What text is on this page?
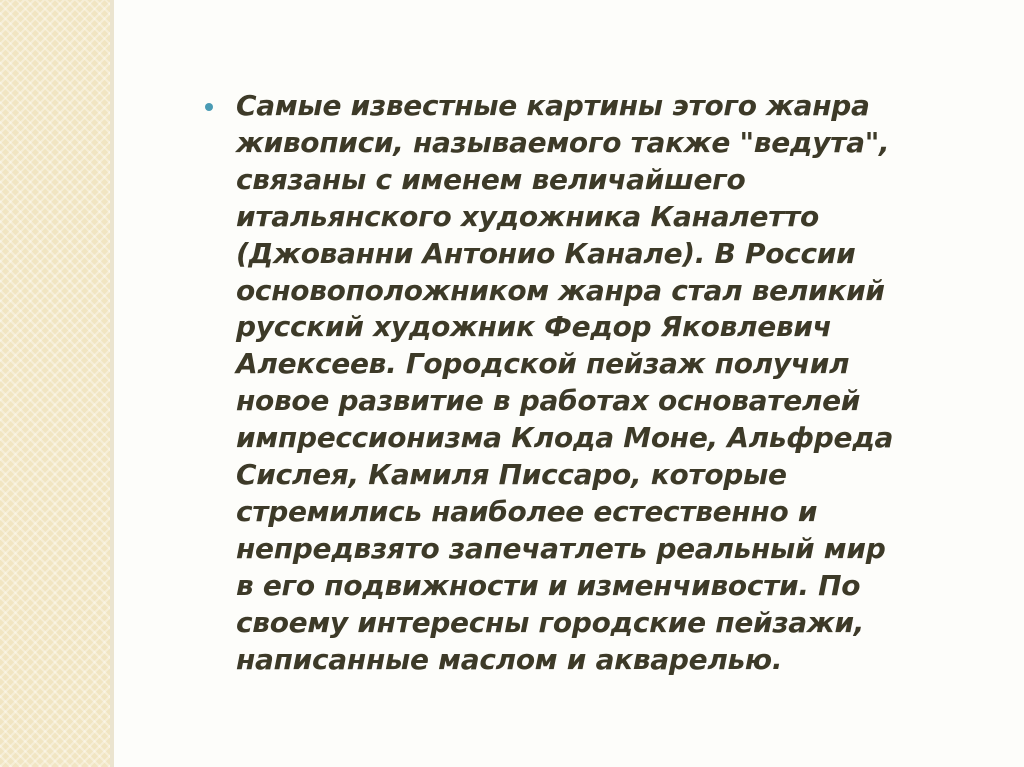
Самые известные картины этого жанра
живописи, называемого также "ведута",
связаны с именем величайшего
итальянского художника Каналетто
(Джованни Антонио Канале). В России
основоположником жанра стал великий
русский художник Федор Яковлевич
Алексеев. Городской пейзаж получил
новое развитие в работах основателей
импрессионизма Клода Моне, Альфреда
Сислея, Камиля Писсаро, которые
стремились наиболее естественно и
непредвзято запечатлеть реальный мир
в его подвижности и изменчивости. По
своему интересны городские пейзажи,
написанные маслом и акварелью.
